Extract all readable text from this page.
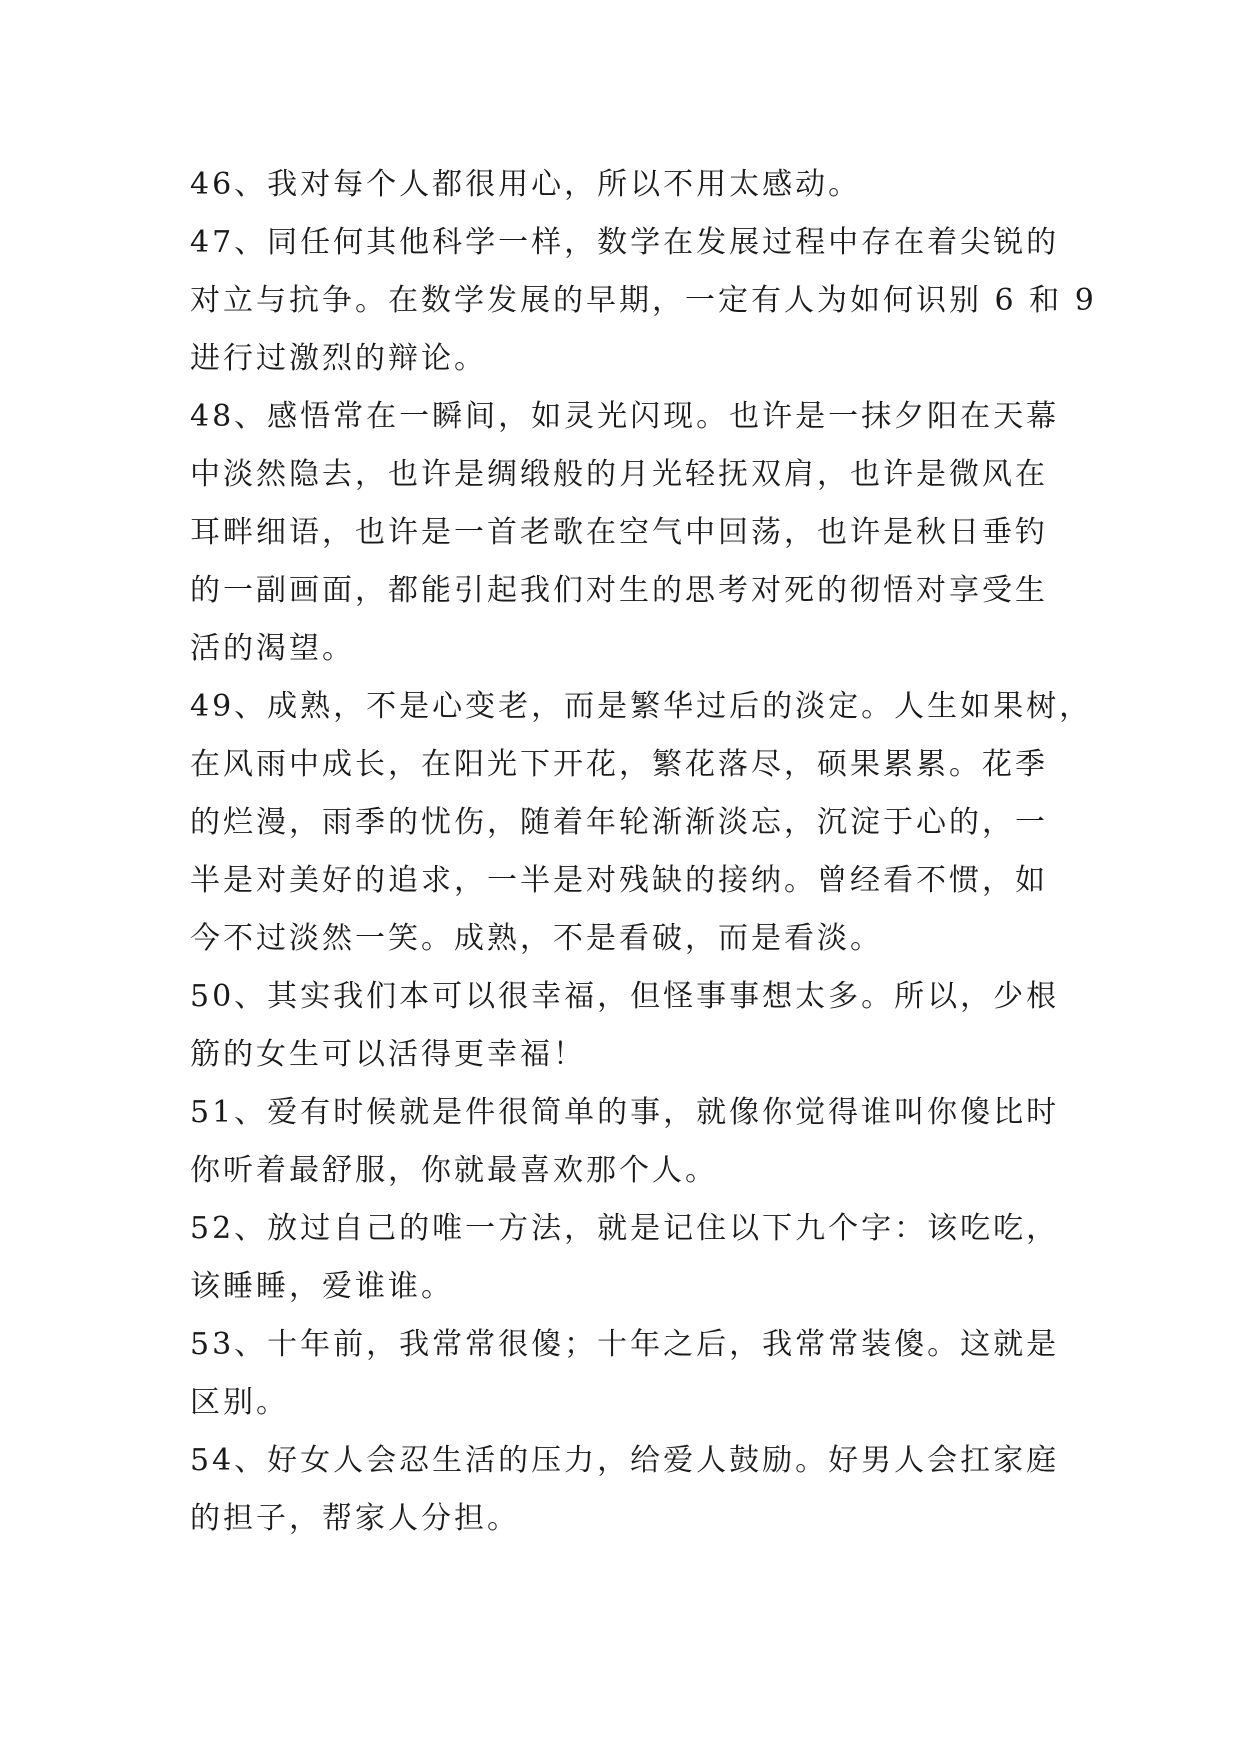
46、我对每个人都很用心，所以不用太感动。
47、同任何其他科学一样，数学在发展过程中存在着尖锐的
对立与抗争。在数学发展的早期，一定有人为如何识别 6 和 9
进行过激烈的辩论。
48、感悟常在一瞬间，如灵光闪现。也许是一抹夕阳在天幕
中淡然隐去，也许是绸缎般的月光轻抚双肩，也许是微风在
耳畔细语，也许是一首老歌在空气中回荡，也许是秋日垂钓
的一副画面，都能引起我们对生的思考对死的彻悟对享受生
活的渴望。
49、成熟，不是心变老，而是繁华过后的淡定。人生如果树，
在风雨中成长，在阳光下开花，繁花落尽，硕果累累。花季
的烂漫，雨季的忧伤，随着年轮渐渐淡忘，沉淀于心的，一
半是对美好的追求，一半是对残缺的接纳。曾经看不惯，如
今不过淡然一笑。成熟，不是看破，而是看淡。
50、其实我们本可以很幸福，但怪事事想太多。所以，少根
筋的女生可以活得更幸福！
51、爱有时候就是件很简单的事，就像你觉得谁叫你傻比时
你听着最舒服，你就最喜欢那个人。
52、放过自己的唯一方法，就是记住以下九个字：该吃吃，
该睡睡，爱谁谁。
53、十年前，我常常很傻；十年之后，我常常装傻。这就是
区别。
54、好女人会忍生活的压力，给爱人鼓励。好男人会扛家庭
的担子，帮家人分担。
